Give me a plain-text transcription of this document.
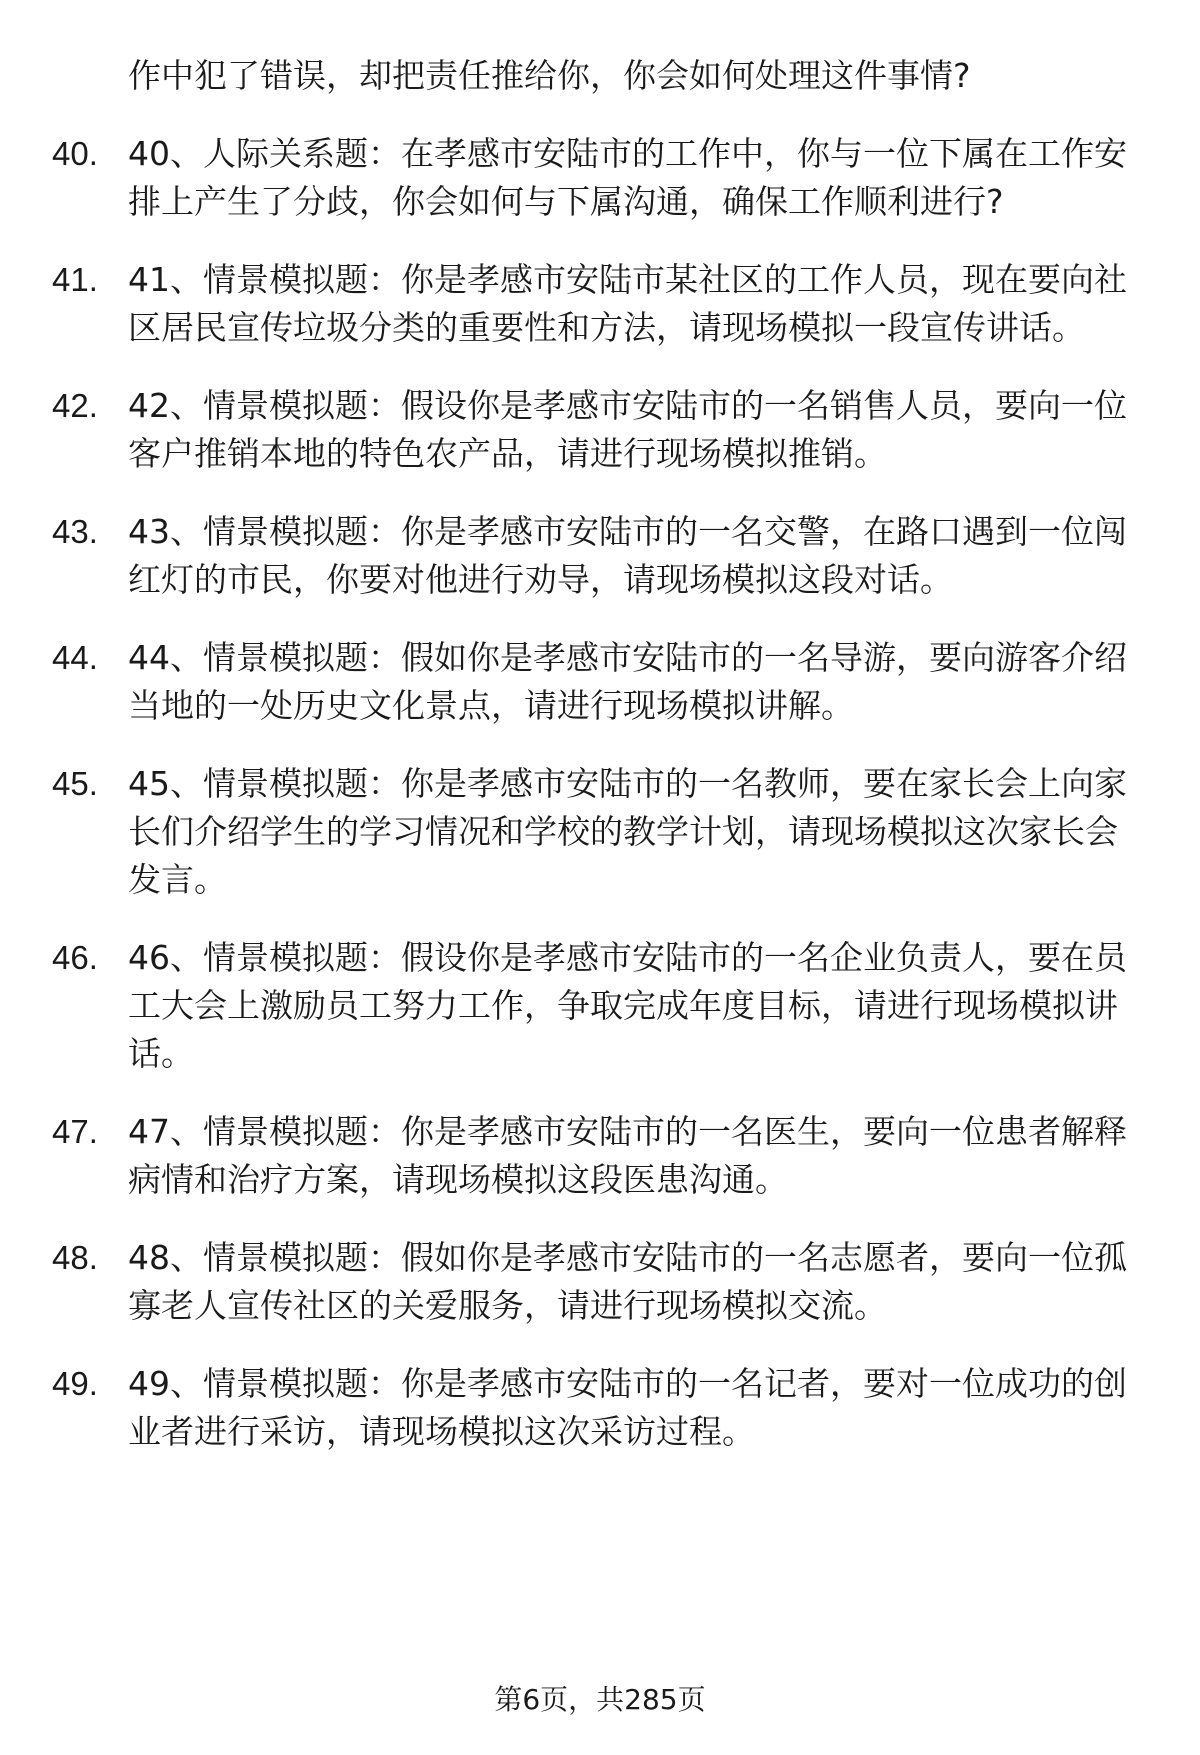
作中犯了错误，却把责任推给你，你会如何处理这件事情?
40. 40、人际关系题：在孝感市安陆市的工作中，你与一位下属在工作安排上产生了分歧，你会如何与下属沟通，确保工作顺利进行?
41. 41、情景模拟题：你是孝感市安陆市某社区的工作人员，现在要向社区居民宣传垃圾分类的重要性和方法，请现场模拟一段宣传讲话。
42. 42、情景模拟题：假设你是孝感市安陆市的一名销售人员，要向一位客户推销本地的特色农产品，请进行现场模拟推销。
43. 43、情景模拟题：你是孝感市安陆市的一名交警，在路口遇到一位闯红灯的市民，你要对他进行劝导，请现场模拟这段对话。
44. 44、情景模拟题：假如你是孝感市安陆市的一名导游，要向游客介绍当地的一处历史文化景点，请进行现场模拟讲解。
45. 45、情景模拟题：你是孝感市安陆市的一名教师，要在家长会上向家长们介绍学生的学习情况和学校的教学计划，请现场模拟这次家长会发言。
46. 46、情景模拟题：假设你是孝感市安陆市的一名企业负责人，要在员工大会上激励员工努力工作，争取完成年度目标，请进行现场模拟讲话。
47. 47、情景模拟题：你是孝感市安陆市的一名医生，要向一位患者解释病情和治疗方案，请现场模拟这段医患沟通。
48. 48、情景模拟题：假如你是孝感市安陆市的一名志愿者，要向一位孤寡老人宣传社区的关爱服务，请进行现场模拟交流。
49. 49、情景模拟题：你是孝感市安陆市的一名记者，要对一位成功的创业者进行采访，请现场模拟这次采访过程。
第6页，共285页
